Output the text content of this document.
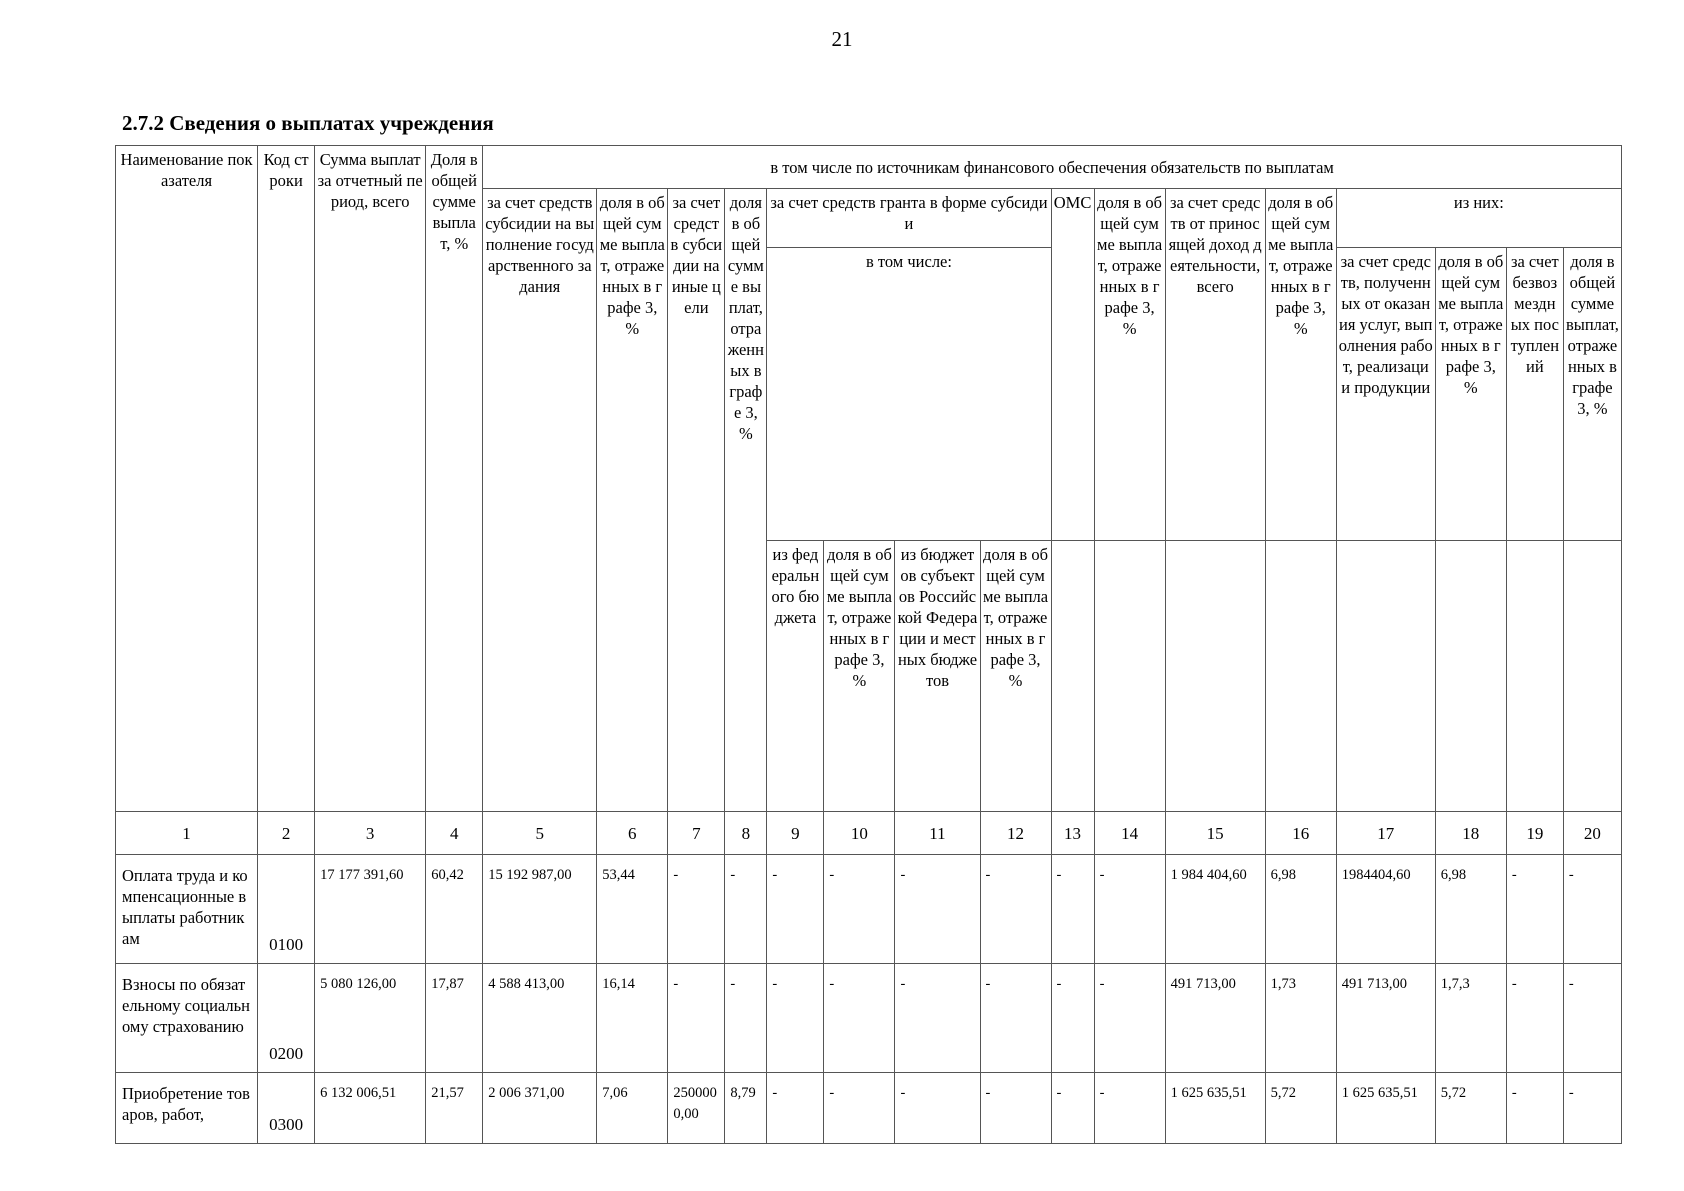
21
2.7.2 Сведения о выплатах учреждения
Наименование показателя	Код строки	Сумма выплат за отчетный период, всего	Доля в общей сумме выплат, %	в том числе по источникам финансового обеспечения обязательств по выплатам															
				за счет средств субсидии на выполнение государственного задания	доля в общей сумме выплат, отраженных в графе 3, %	за счет средств субсидии на иные цели	доля в общей сумме выплат, отраженных в графе 3, %	за счет средств гранта в форме субсидии				ОМС	доля в общей сумме выплат, отраженных в графе 3, %	за счет средств от приносящей доход деятельности, всего	доля в общей сумме выплат, отраженных в графе 3, %	из них:			
								в том числе:								за счет средств, полученных от оказания услуг, выполнения работ, реализации продукции	доля в общей сумме выплат, отраженных в графе 3, %	за счет безвозмездных поступлений	доля в общей сумме выплат, отраженных в графе 3, %
								из федерального бюджета	доля в общей сумме выплат, отраженных в графе 3, %	из бюджетов субъектов Российской Федерации и местных бюджетов	доля в общей сумме выплат, отраженных в графе 3, %								
1	2	3	4	5	6	7	8	9	10	11	12	13	14	15	16	17	18	19	20
Оплата труда и компенсационные выплаты работникам	0100	17 177 391,60	60,42	15 192 987,00	53,44	-	-	-	-	-	-	-	-	1 984 404,60	6,98	1984404,60	6,98	-	-
Взносы по обязательному социальному страхованию	0200	5 080 126,00	17,87	4 588 413,00	16,14	-	-	-	-	-	-	-	-	491 713,00	1,73	491 713,00	1,7,3	-	-
Приобретение товаров, работ,	0300	6 132 006,51	21,57	2 006 371,00	7,06	2500000,00	8,79	-	-	-	-	-	-	1 625 635,51	5,72	1 625 635,51	5,72	-	-
